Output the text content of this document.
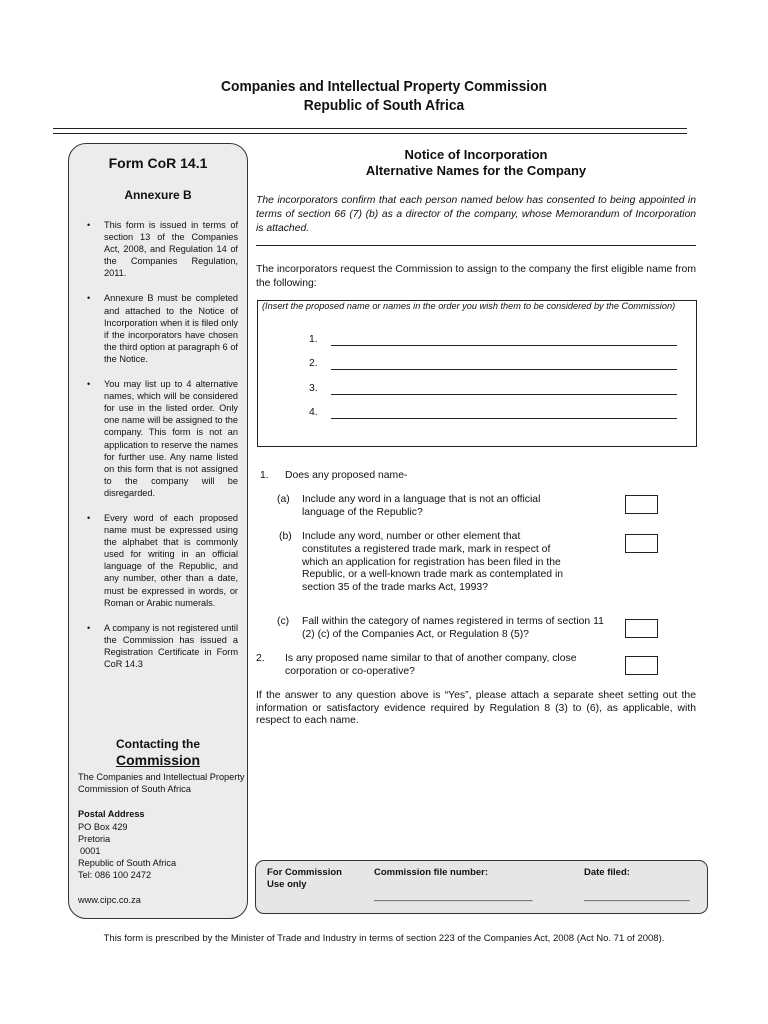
Companies and Intellectual Property Commission
Republic of South Africa
Form CoR 14.1
Annexure B
• This form is issued in terms of section 13 of the Companies Act, 2008, and Regulation 14 of the Companies Regulation, 2011.
• Annexure B must be completed and attached to the Notice of Incorporation when it is filed only if the incorporators have chosen the third option at paragraph 6 of the Notice.
• You may list up to 4 alternative names, which will be considered for use in the listed order. Only one name will be assigned to the company. This form is not an application to reserve the names for further use. Any name listed on this form that is not assigned to the company will be disregarded.
• Every word of each proposed name must be expressed using the alphabet that is commonly used for writing in an official language of the Republic, and any number, other than a date, must be expressed in words, or Roman or Arabic numerals.
• A company is not registered until the Commission has issued a Registration Certificate in Form CoR 14.3
Contacting the
Commission
The Companies and Intellectual Property Commission of South Africa
Postal Address
PO Box 429
Pretoria
0001
Republic of South Africa
Tel: 086 100 2472
www.cipc.co.za
Notice of Incorporation
Alternative Names for the Company
The incorporators confirm that each person named below has consented to being appointed in terms of section 66 (7) (b) as a director of the company, whose Memorandum of Incorporation is attached.
The incorporators request the Commission to assign to the company the first eligible name from the following:
(Insert the proposed name or names in the order you wish them to be considered by the Commission)
1.
2.
3.
4.
1. Does any proposed name-
(a) Include any word in a language that is not an official language of the Republic?
(b) Include any word, number or other element that constitutes a registered trade mark, mark in respect of which an application for registration has been filed in the Republic, or a well-known trade mark as contemplated in section 35 of the trade marks Act, 1993?
(c) Fall within the category of names registered in terms of section 11 (2) (c) of the Companies Act, or Regulation 8 (5)?
2. Is any proposed name similar to that of another company, close corporation or co-operative?
If the answer to any question above is “Yes”, please attach a separate sheet setting out the information or satisfactory evidence required by Regulation 8 (3) to (6), as applicable, with respect to each name.
For Commission
Use only
Commission file number:
______________________________
Date filed:
____________________
This form is prescribed by the Minister of Trade and Industry in terms of section 223 of the Companies Act, 2008 (Act No. 71 of 2008).
